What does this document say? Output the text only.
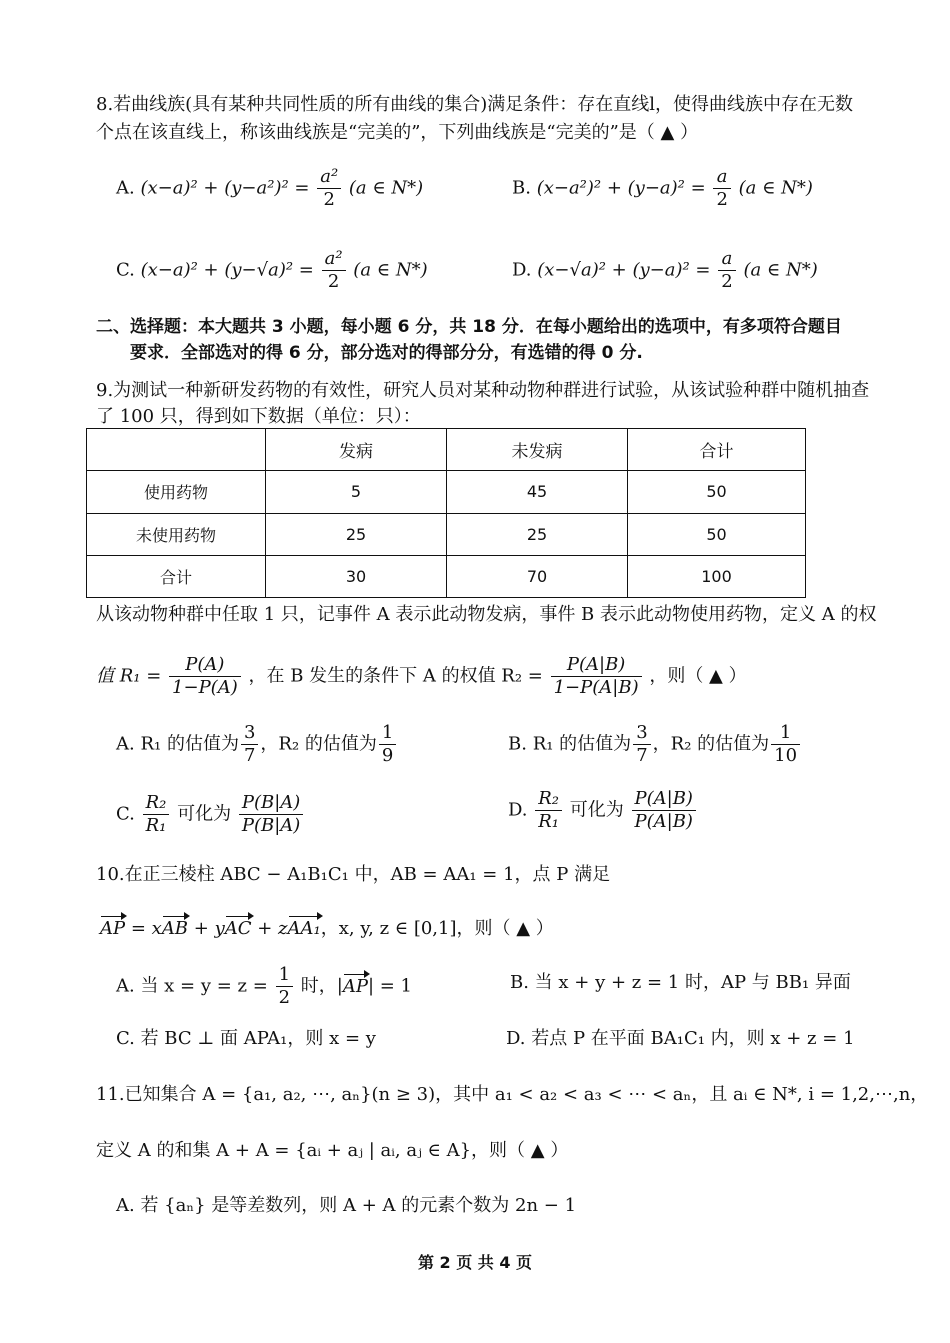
8.若曲线族(具有某种共同性质的所有曲线的集合)满足条件：存在直线l，使得曲线族中存在无数
个点在该直线上，称该曲线族是“完美的”，下列曲线族是“完美的”是（ ▲ ）
A. $(x-a)^2 + (y-a^2)^2 = \frac{\text{a²}}{2} (a$ ∈ N*)	B. $(x-a^2)^2 + (y-a)^2 = \frac{a}{2} (a$ ∈ N*)
C. $(x-a)^2 + (y-√a)^2 = \frac{\text{a²}}{2} (a$ ∈ N*)	D. $(x-√a)^2 + (y-a)^2 = \frac{a}{2} (a$ ∈ N*)
二、选择题：本大题共 3 小题，每小题 6 分，共 18 分．在每小题给出的选项中，有多项符合题目
要求．全部选对的得 6 分，部分选对的得部分分，有选错的得 0 分.
9.为测试一种新研发药物的有效性，研究人员对某种动物种群进行试验，从该试验种群中随机抽查
了 100 只，得到如下数据（单位：只）：
	发病	未发病	合计
使用药物	5	45	50
未使用药物	25	25	50
合计	30	70	100
从该动物种群中任取 1 只，记事件 A 表示此动物发病，事件 B 表示此动物使用药物，定义 A 的权
值 $R_1 = \frac{P(A)}{1-P(A)}$ ，在 B 发生的条件下 A 的权值 $R_2 = \frac{P(A|B)}{1-P(A|B)}$ ，则（ ▲ ）
A. R₁ 的估值为 $\frac{3}{7}$ ，R₂ 的估值为 $\frac{1}{9}$	B. R₁ 的估值为 $\frac{3}{7}$ ，R₂ 的估值为 $\frac{1}{10}$
C. $\frac{\text{R₂}}{\text{R₁}}$ 可化为 $\frac{P(B|A)}{P(B|A)}$	D. $\frac{\text{R₂}}{\text{R₁}}$ 可化为 $\frac{P(A|B)}{P(A|B)}$
10.在正三棱柱 ABC − A₁B₁C₁ 中，AB = AA₁ = 1，点 P 满足
AP = xAB + yAC + zAA₁，x, y, z ∈ [0,1]，则（ ▲ ）
A. 当 $x = y = z = \frac{1}{2}$ 时，|AP| = 1	B. 当 x + y + z = 1 时，AP 与 BB₁ 异面
C. 若 BC ⊥ 面 APA₁，则 x = y	D. 若点 P 在平面 BA₁C₁ 内，则 x + z = 1
11.已知集合 A = {a₁, a₂, ⋯, aₙ}(n ≥ 3)，其中 a₁ < a₂ < a₃ < ⋯ < aₙ，且 aᵢ ∈ N*, i = 1,2,⋯,n，
定义 A 的和集 A + A = {aᵢ + aⱼ | aᵢ, aⱼ ∈ A}，则（ ▲ ）
A. 若 {aₙ} 是等差数列，则 A + A 的元素个数为 2n − 1
第 2 页 共 4 页
